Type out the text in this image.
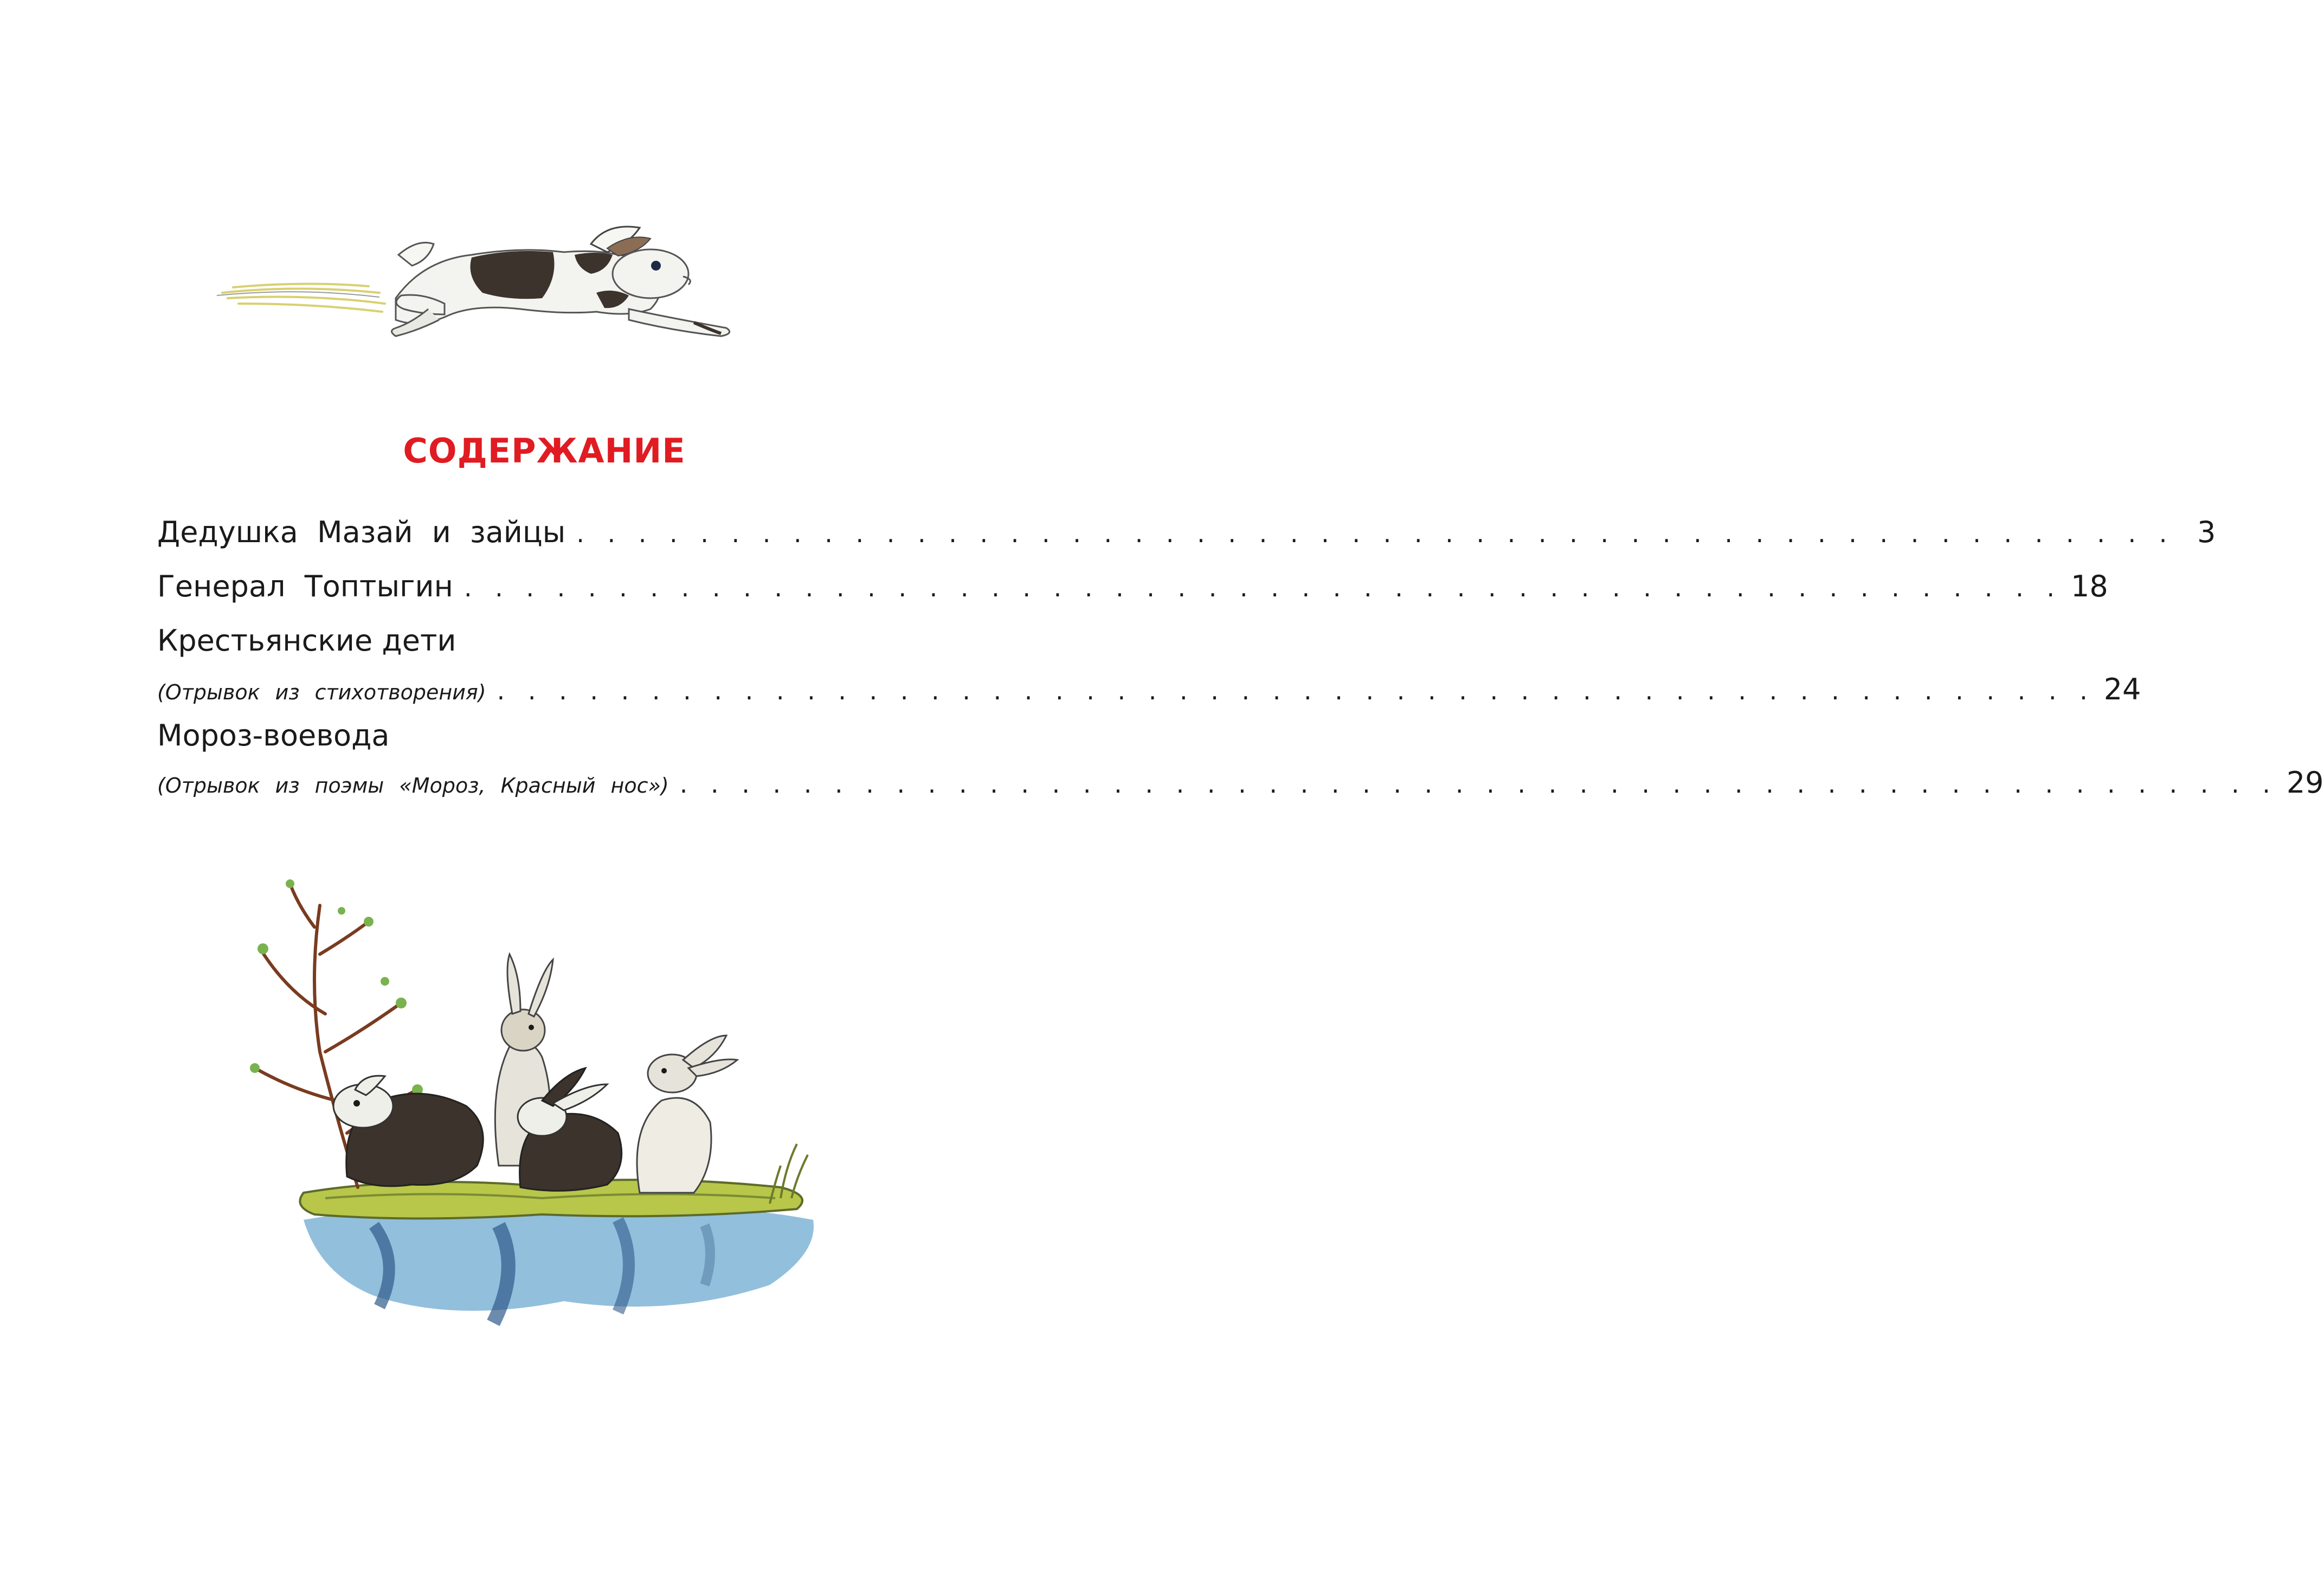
СОДЕРЖАНИЕ
Дедушка Мазай и зайцы . . . . . . . . . . . . . . . . . . . . . . . . . . . . . . . . . . . . . . . . . . . . . . . . . . . . 3
Генерал Топтыгин . . . . . . . . . . . . . . . . . . . . . . . . . . . . . . . . . . . . . . . . . . . . . . . . . . . . 18
Крестьянские дети
(Отрывок из стихотворения) . . . . . . . . . . . . . . . . . . . . . . . . . . . . . . . . . . . . . . . . . . . . . . . . . . . . 24
Мороз-воевода
(Отрывок из поэмы «Мороз, Красный нос») . . . . . . . . . . . . . . . . . . . . . . . . . . . . . . . . . . . . . . . . . . . . . . . . . . . . 29
